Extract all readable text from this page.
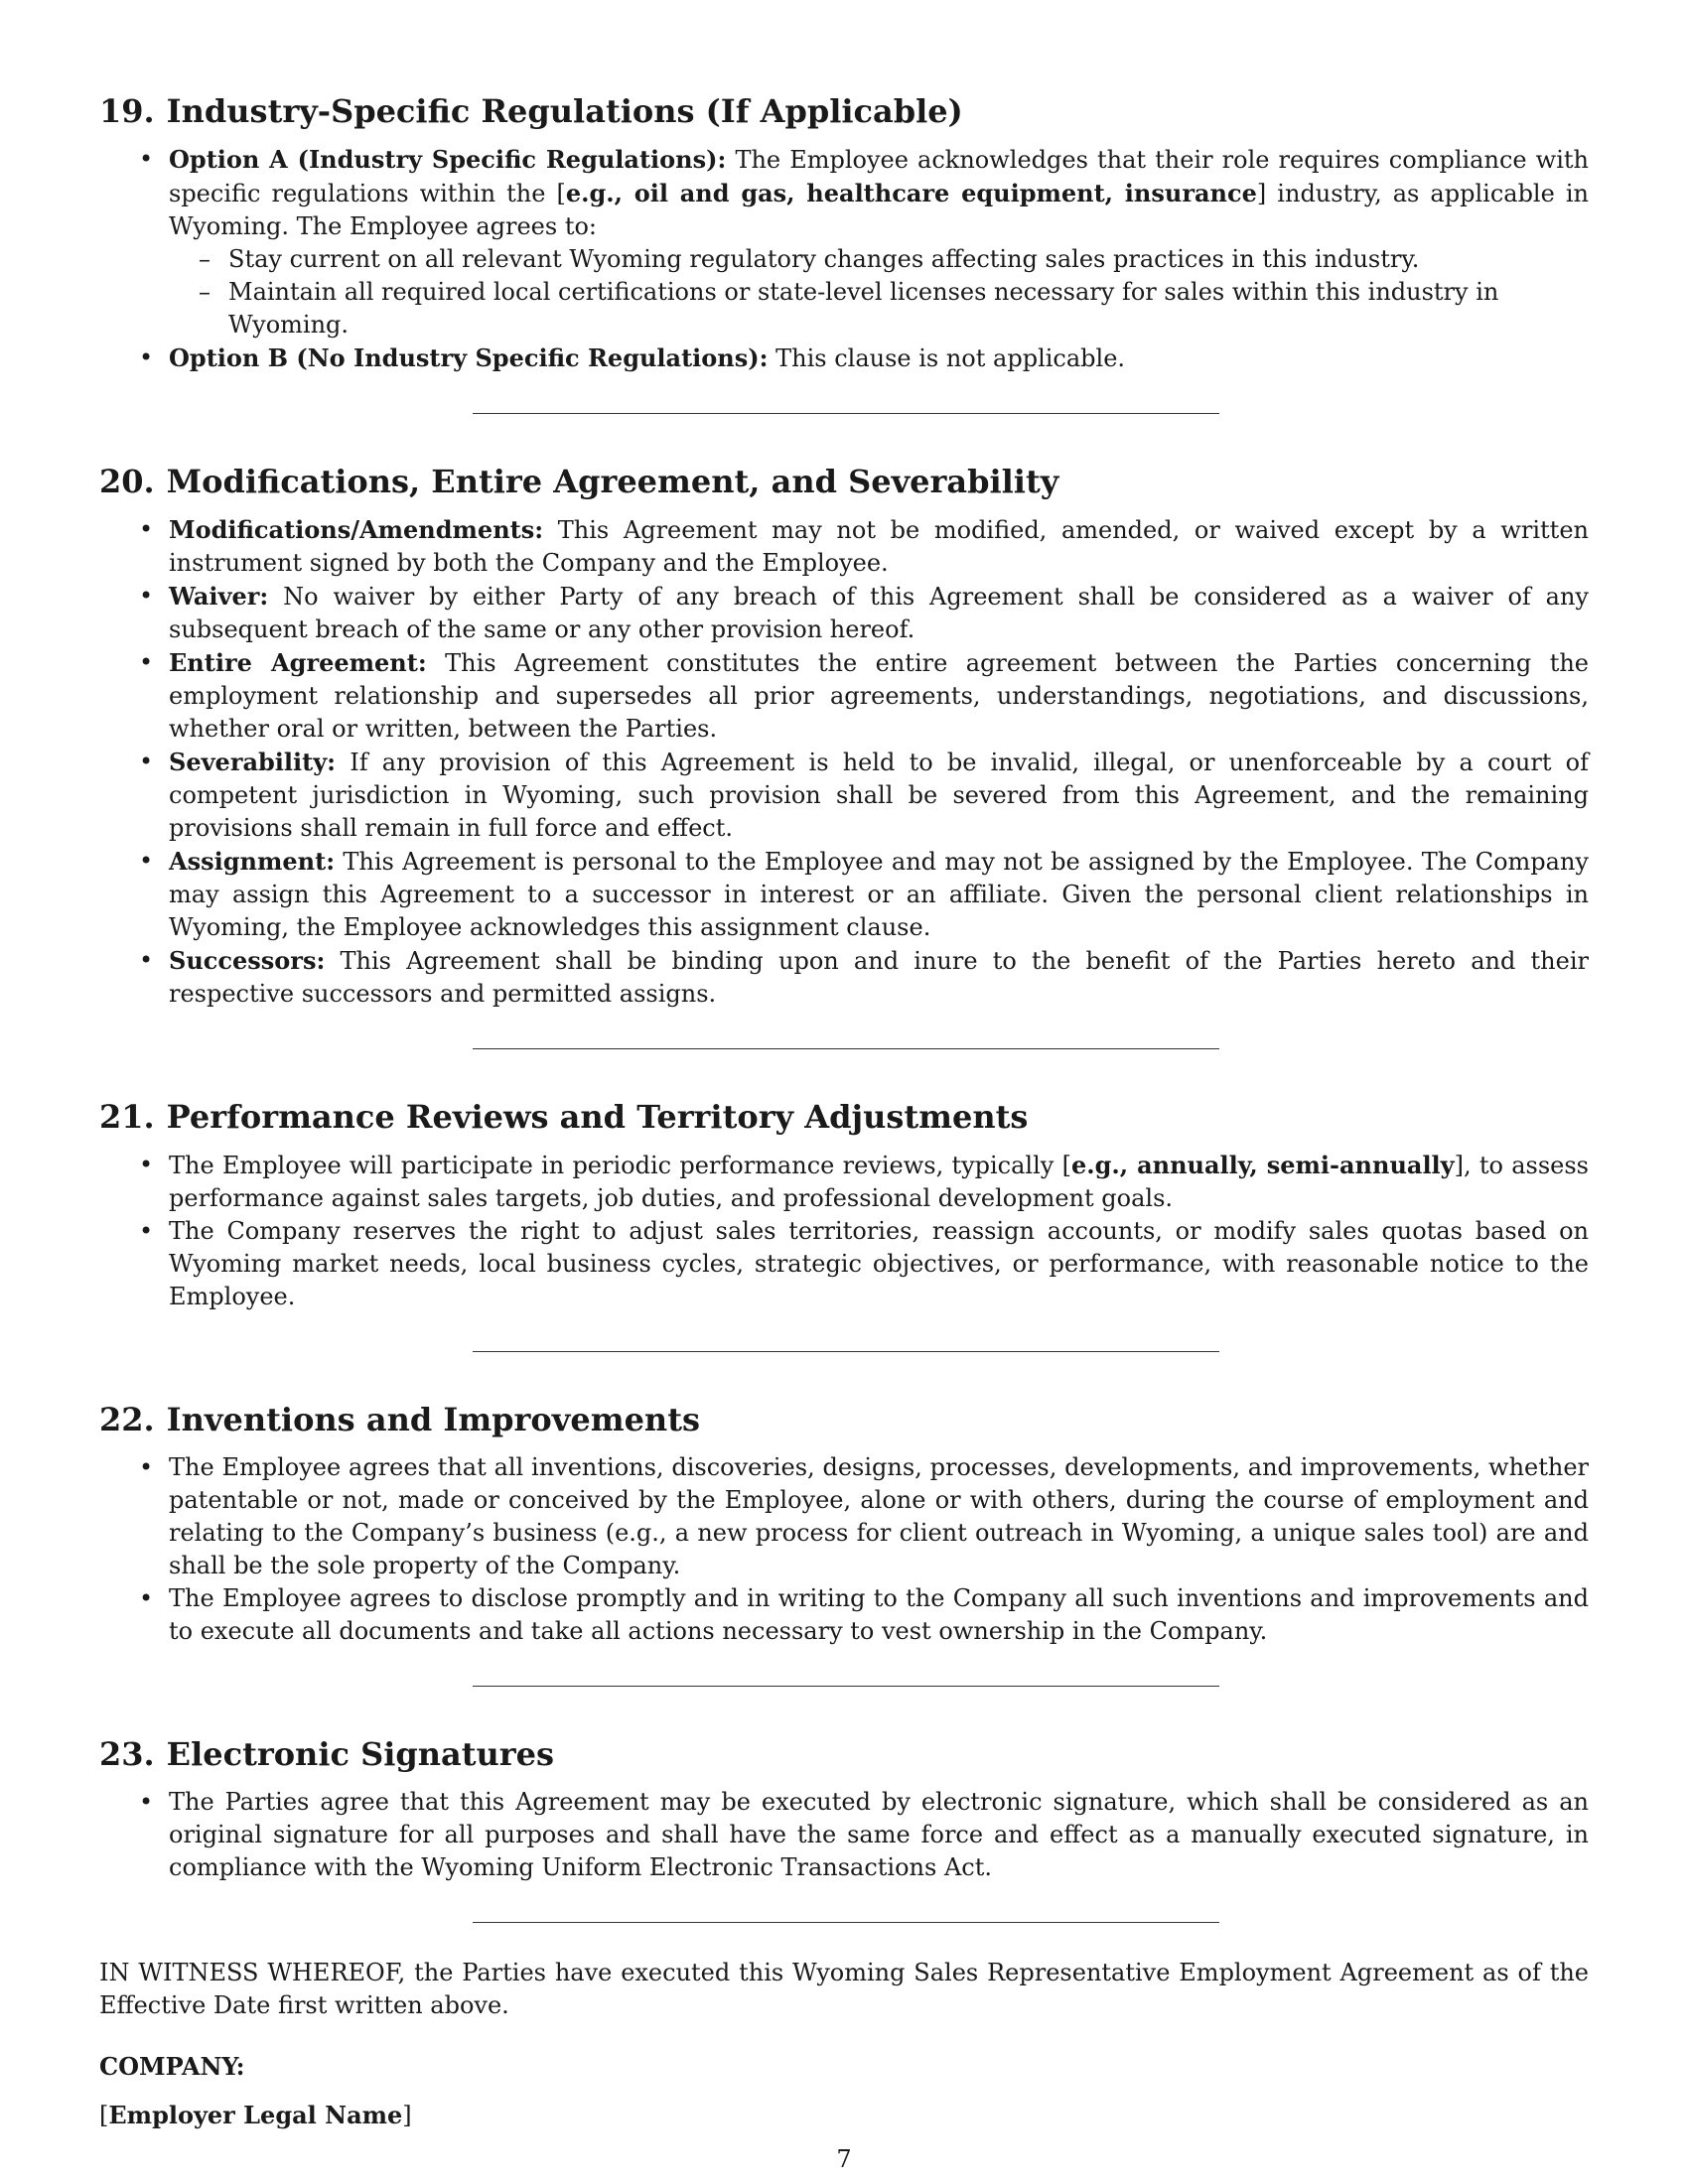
19. Industry-Specific Regulations (If Applicable)
• Option A (Industry Specific Regulations): The Employee acknowledges that their role requires compliance with specific regulations within the [e.g., oil and gas, healthcare equipment, insurance] industry, as applicable in Wyoming. The Employee agrees to:
– Stay current on all relevant Wyoming regulatory changes affecting sales practices in this industry.
– Maintain all required local certifications or state-level licenses necessary for sales within this industry in Wyoming.
• Option B (No Industry Specific Regulations): This clause is not applicable.
20. Modifications, Entire Agreement, and Severability
• Modifications/Amendments: This Agreement may not be modified, amended, or waived except by a written instrument signed by both the Company and the Employee.
• Waiver: No waiver by either Party of any breach of this Agreement shall be considered as a waiver of any subsequent breach of the same or any other provision hereof.
• Entire Agreement: This Agreement constitutes the entire agreement between the Parties concerning the employment relationship and supersedes all prior agreements, understandings, negotiations, and discussions, whether oral or written, between the Parties.
• Severability: If any provision of this Agreement is held to be invalid, illegal, or unenforceable by a court of competent jurisdiction in Wyoming, such provision shall be severed from this Agreement, and the remaining provisions shall remain in full force and effect.
• Assignment: This Agreement is personal to the Employee and may not be assigned by the Employee. The Company may assign this Agreement to a successor in interest or an affiliate. Given the personal client relationships in Wyoming, the Employee acknowledges this assignment clause.
• Successors: This Agreement shall be binding upon and inure to the benefit of the Parties hereto and their respective successors and permitted assigns.
21. Performance Reviews and Territory Adjustments
• The Employee will participate in periodic performance reviews, typically [e.g., annually, semi-annually], to assess performance against sales targets, job duties, and professional development goals.
• The Company reserves the right to adjust sales territories, reassign accounts, or modify sales quotas based on Wyoming market needs, local business cycles, strategic objectives, or performance, with reasonable notice to the Employee.
22. Inventions and Improvements
• The Employee agrees that all inventions, discoveries, designs, processes, developments, and improvements, whether patentable or not, made or conceived by the Employee, alone or with others, during the course of employment and relating to the Company’s business (e.g., a new process for client outreach in Wyoming, a unique sales tool) are and shall be the sole property of the Company.
• The Employee agrees to disclose promptly and in writing to the Company all such inventions and improvements and to execute all documents and take all actions necessary to vest ownership in the Company.
23. Electronic Signatures
• The Parties agree that this Agreement may be executed by electronic signature, which shall be considered as an original signature for all purposes and shall have the same force and effect as a manually executed signature, in compliance with the Wyoming Uniform Electronic Transactions Act.
IN WITNESS WHEREOF, the Parties have executed this Wyoming Sales Representative Employment Agreement as of the Effective Date first written above.
COMPANY:
[Employer Legal Name]
7
